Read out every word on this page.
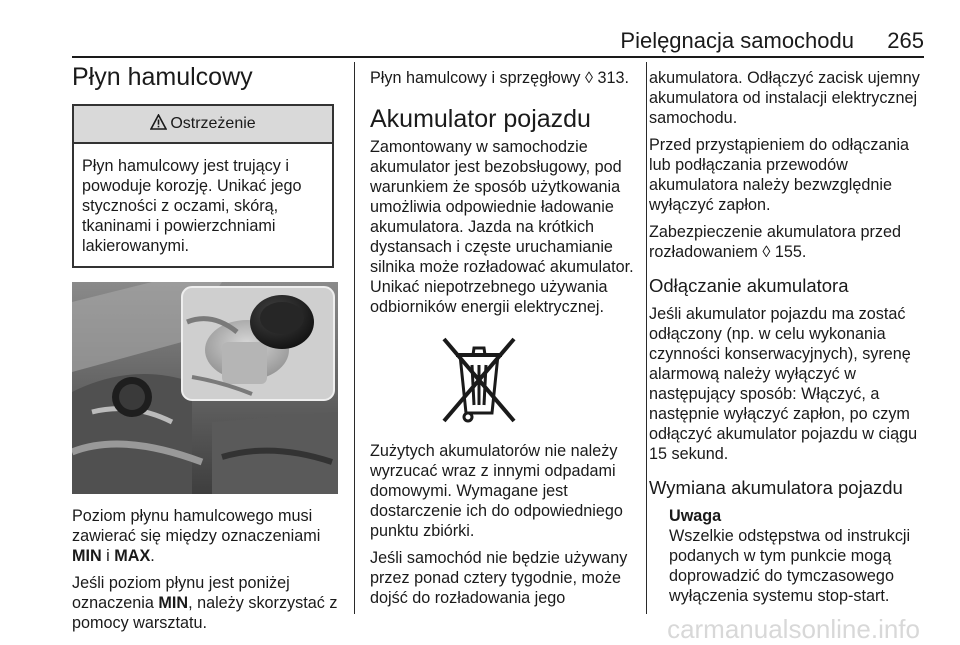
Pielęgnacja samochodu 265
Płyn hamulcowy
Ostrzeżenie
Płyn hamulcowy jest trujący i powoduje korozję. Unikać jego styczności z oczami, skórą, tkaninami i powierzchniami lakierowanymi.

Poziom płynu hamulcowego musi zawierać się między oznaczeniami MIN i MAX.

Jeśli poziom płynu jest poniżej oznaczenia MIN, należy skorzystać z pomocy warsztatu.

Płyn hamulcowy i sprzęgłowy ◊ 313.

Akumulator pojazdu

Zamontowany w samochodzie akumulator jest bezobsługowy, pod warunkiem że sposób użytkowania umożliwia odpowiednie ładowanie akumulatora. Jazda na krótkich dystansach i częste uruchamianie silnika może rozładować akumulator. Unikać niepotrzebnego używania odbiorników energii elektrycznej.

Zużytych akumulatorów nie należy wyrzucać wraz z innymi odpadami domowymi. Wymagane jest dostarczenie ich do odpowiedniego punktu zbiórki.

Jeśli samochód nie będzie używany przez ponad cztery tygodnie, może dojść do rozładowania jego

akumulatora. Odłączyć zacisk ujemny akumulatora od instalacji elektrycznej samochodu.

Przed przystąpieniem do odłączania lub podłączania przewodów akumulatora należy bezwzględnie wyłączyć zapłon.

Zabezpieczenie akumulatora przed rozładowaniem ◊ 155.

Odłączanie akumulatora

Jeśli akumulator pojazdu ma zostać odłączony (np. w celu wykonania czynności konserwacyjnych), syrenę alarmową należy wyłączyć w następujący sposób: Włączyć, a następnie wyłączyć zapłon, po czym odłączyć akumulator pojazdu w ciągu 15 sekund.

Wymiana akumulatora pojazdu
Uwaga

Wszelkie odstępstwa od instrukcji podanych w tym punkcie mogą doprowadzić do tymczasowego wyłączenia systemu stop-start.

carmanualsonline.info
